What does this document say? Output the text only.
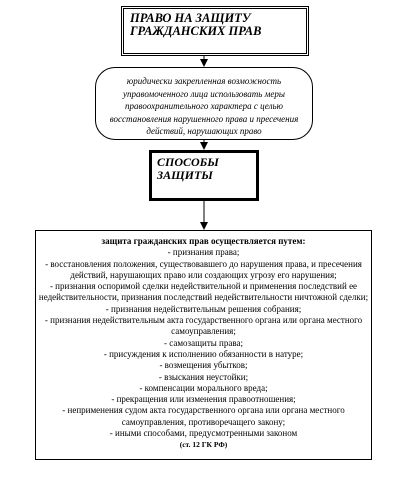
ПРАВО НА ЗАЩИТУ
ГРАЖДАНСКИХ ПРАВ
юридически закрепленная возможность управомоченного лица использовать меры правоохранительного характера с целью восстановления нарушенного права и пресечения действий, нарушающих право
СПОСОБЫ
ЗАЩИТЫ
защита гражданских прав осуществляется путем:
- признания права;
- восстановления положения, существовавшего до нарушения права, и пресечения действий, нарушающих право или создающих угрозу его нарушения;
- признания оспоримой сделки недействительной и применения последствий ее недействительности, признания последствий недействительности ничтожной сделки;
- признания недействительным решения собрания;
- признания недействительным акта государственного органа или органа местного самоуправления;
- самозащиты права;
- присуждения к исполнению обязанности в натуре;
- возмещения убытков;
- взыскания неустойки;
- компенсации морального вреда;
- прекращения или изменения правоотношения;
- неприменения судом акта государственного органа или органа местного самоуправления, противоречащего закону;
- иными способами, предусмотренными законом
(ст. 12 ГК РФ)
